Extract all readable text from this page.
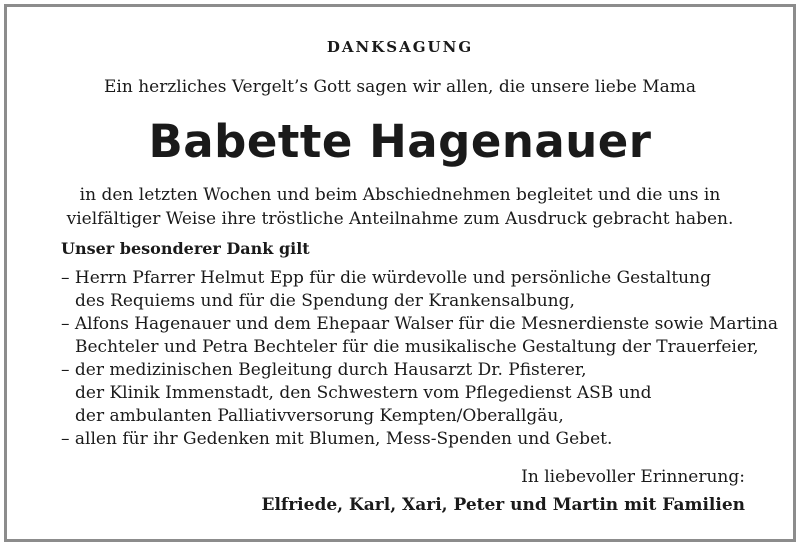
DANKSAGUNG
Ein herzliches Vergelt’s Gott sagen wir allen, die unsere liebe Mama
Babette Hagenauer
in den letzten Wochen und beim Abschiednehmen begleitet und die uns in
vielfältiger Weise ihre tröstliche Anteilnahme zum Ausdruck gebracht haben.
Unser besonderer Dank gilt
– Herrn Pfarrer Helmut Epp für die würdevolle und persönliche Gestaltung
des Requiems und für die Spendung der Krankensalbung,
– Alfons Hagenauer und dem Ehepaar Walser für die Mesnerdienste sowie Martina
Bechteler und Petra Bechteler für die musikalische Gestaltung der Trauerfeier,
– der medizinischen Begleitung durch Hausarzt Dr. Pfisterer,
der Klinik Immenstadt, den Schwestern vom Pflegedienst ASB und
der ambulanten Palliativversorung Kempten/Oberallgäu,
– allen für ihr Gedenken mit Blumen, Mess-Spenden und Gebet.
In liebevoller Erinnerung:
Elfriede, Karl, Xari, Peter und Martin mit Familien
